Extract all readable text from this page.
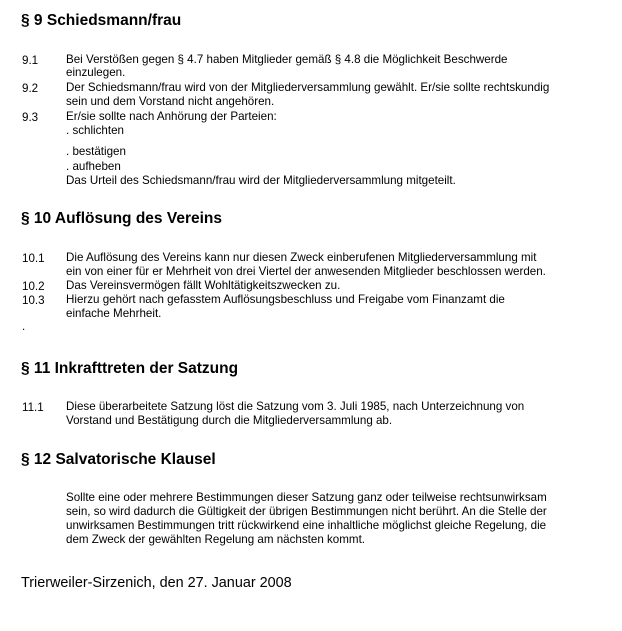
§ 9 Schiedsmann/frau
9.1 Bei Verstößen gegen § 4.7 haben Mitglieder gemäß § 4.8 die Möglichkeit Beschwerde
einzulegen.
9.2 Der Schiedsmann/frau wird von der Mitgliederversammlung gewählt. Er/sie sollte rechtskundig
sein und dem Vorstand nicht angehören.
9.3 Er/sie sollte nach Anhörung der Parteien:
. schlichten
. bestätigen
. aufheben
Das Urteil des Schiedsmann/frau wird der Mitgliederversammlung mitgeteilt.
§ 10 Auflösung des Vereins
10.1 Die Auflösung des Vereins kann nur diesen Zweck einberufenen Mitgliederversammlung mit
ein von einer für er Mehrheit von drei Viertel der anwesenden Mitglieder beschlossen werden.
10.2 Das Vereinsvermögen fällt Wohltätigkeitszwecken zu.
10.3 Hierzu gehört nach gefasstem Auflösungsbeschluss und Freigabe vom Finanzamt die
einfache Mehrheit.
.
§ 11 Inkrafttreten der Satzung
11.1 Diese überarbeitete Satzung löst die Satzung vom 3. Juli 1985, nach Unterzeichnung von
Vorstand und Bestätigung durch die Mitgliederversammlung ab.
§ 12 Salvatorische Klausel
Sollte eine oder mehrere Bestimmungen dieser Satzung ganz oder teilweise rechtsunwirksam
sein, so wird dadurch die Gültigkeit der übrigen Bestimmungen nicht berührt. An die Stelle der
unwirksamen Bestimmungen tritt rückwirkend eine inhaltliche möglichst gleiche Regelung, die
dem Zweck der gewählten Regelung am nächsten kommt.
Trierweiler-Sirzenich, den 27. Januar 2008
